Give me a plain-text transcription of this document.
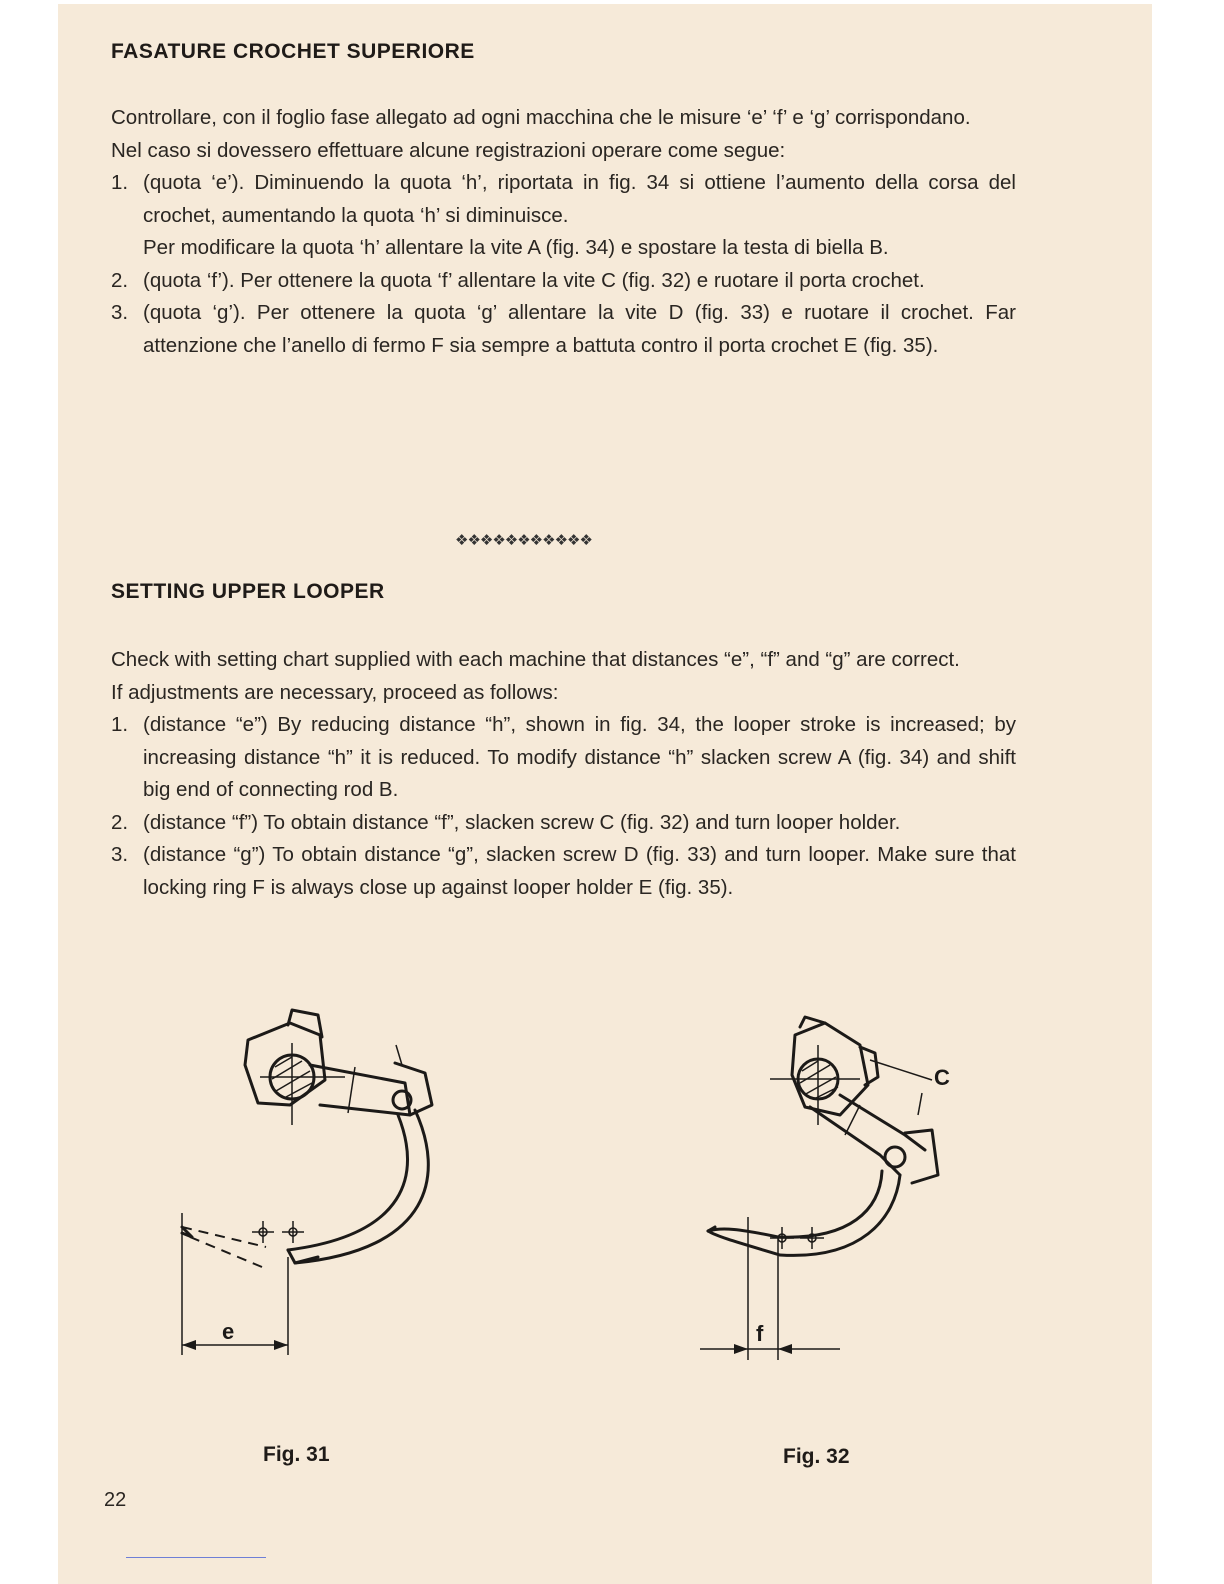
FASATURE CROCHET SUPERIORE

Controllare, con il foglio fase allegato ad ogni macchina che le misure ‘e’ ‘f’ e ‘g’ corrispondano.

Nel caso si dovessero effettuare alcune registrazioni operare come segue:

1. (quota ‘e’). Diminuendo la quota ‘h’, riportata in fig. 34 si ottiene l’aumento della corsa del crochet, aumentando la quota ‘h’ si diminuisce.

Per modificare la quota ‘h’ allentare la vite A (fig. 34) e spostare la testa di biella B.

2. (quota ‘f’). Per ottenere la quota ‘f’ allentare la vite C (fig. 32) e ruotare il porta crochet.

3. (quota ‘g’). Per ottenere la quota ‘g’ allentare la vite D (fig. 33) e ruotare il crochet. Far attenzione che l’anello di fermo F sia sempre a battuta contro il porta crochet E (fig. 35).

❖❖❖❖❖❖❖❖❖❖❖
SETTING UPPER LOOPER

Check with setting chart supplied with each machine that distances “e”, “f” and “g” are correct.

If adjustments are necessary, proceed as follows:

1. (distance “e”) By reducing distance “h”, shown in fig. 34, the looper stroke is increased; by increasing distance “h” it is reduced. To modify distance “h” slacken screw A (fig. 34) and shift big end of connecting rod B.

2. (distance “f”) To obtain distance “f”, slacken screw C (fig. 32) and turn looper holder.

3. (distance “g”) To obtain distance “g”, slacken screw D (fig. 33) and turn looper. Make sure that locking ring F is always close up against looper holder E (fig. 35).

e
Fig. 31
C
f
Fig. 32
22
